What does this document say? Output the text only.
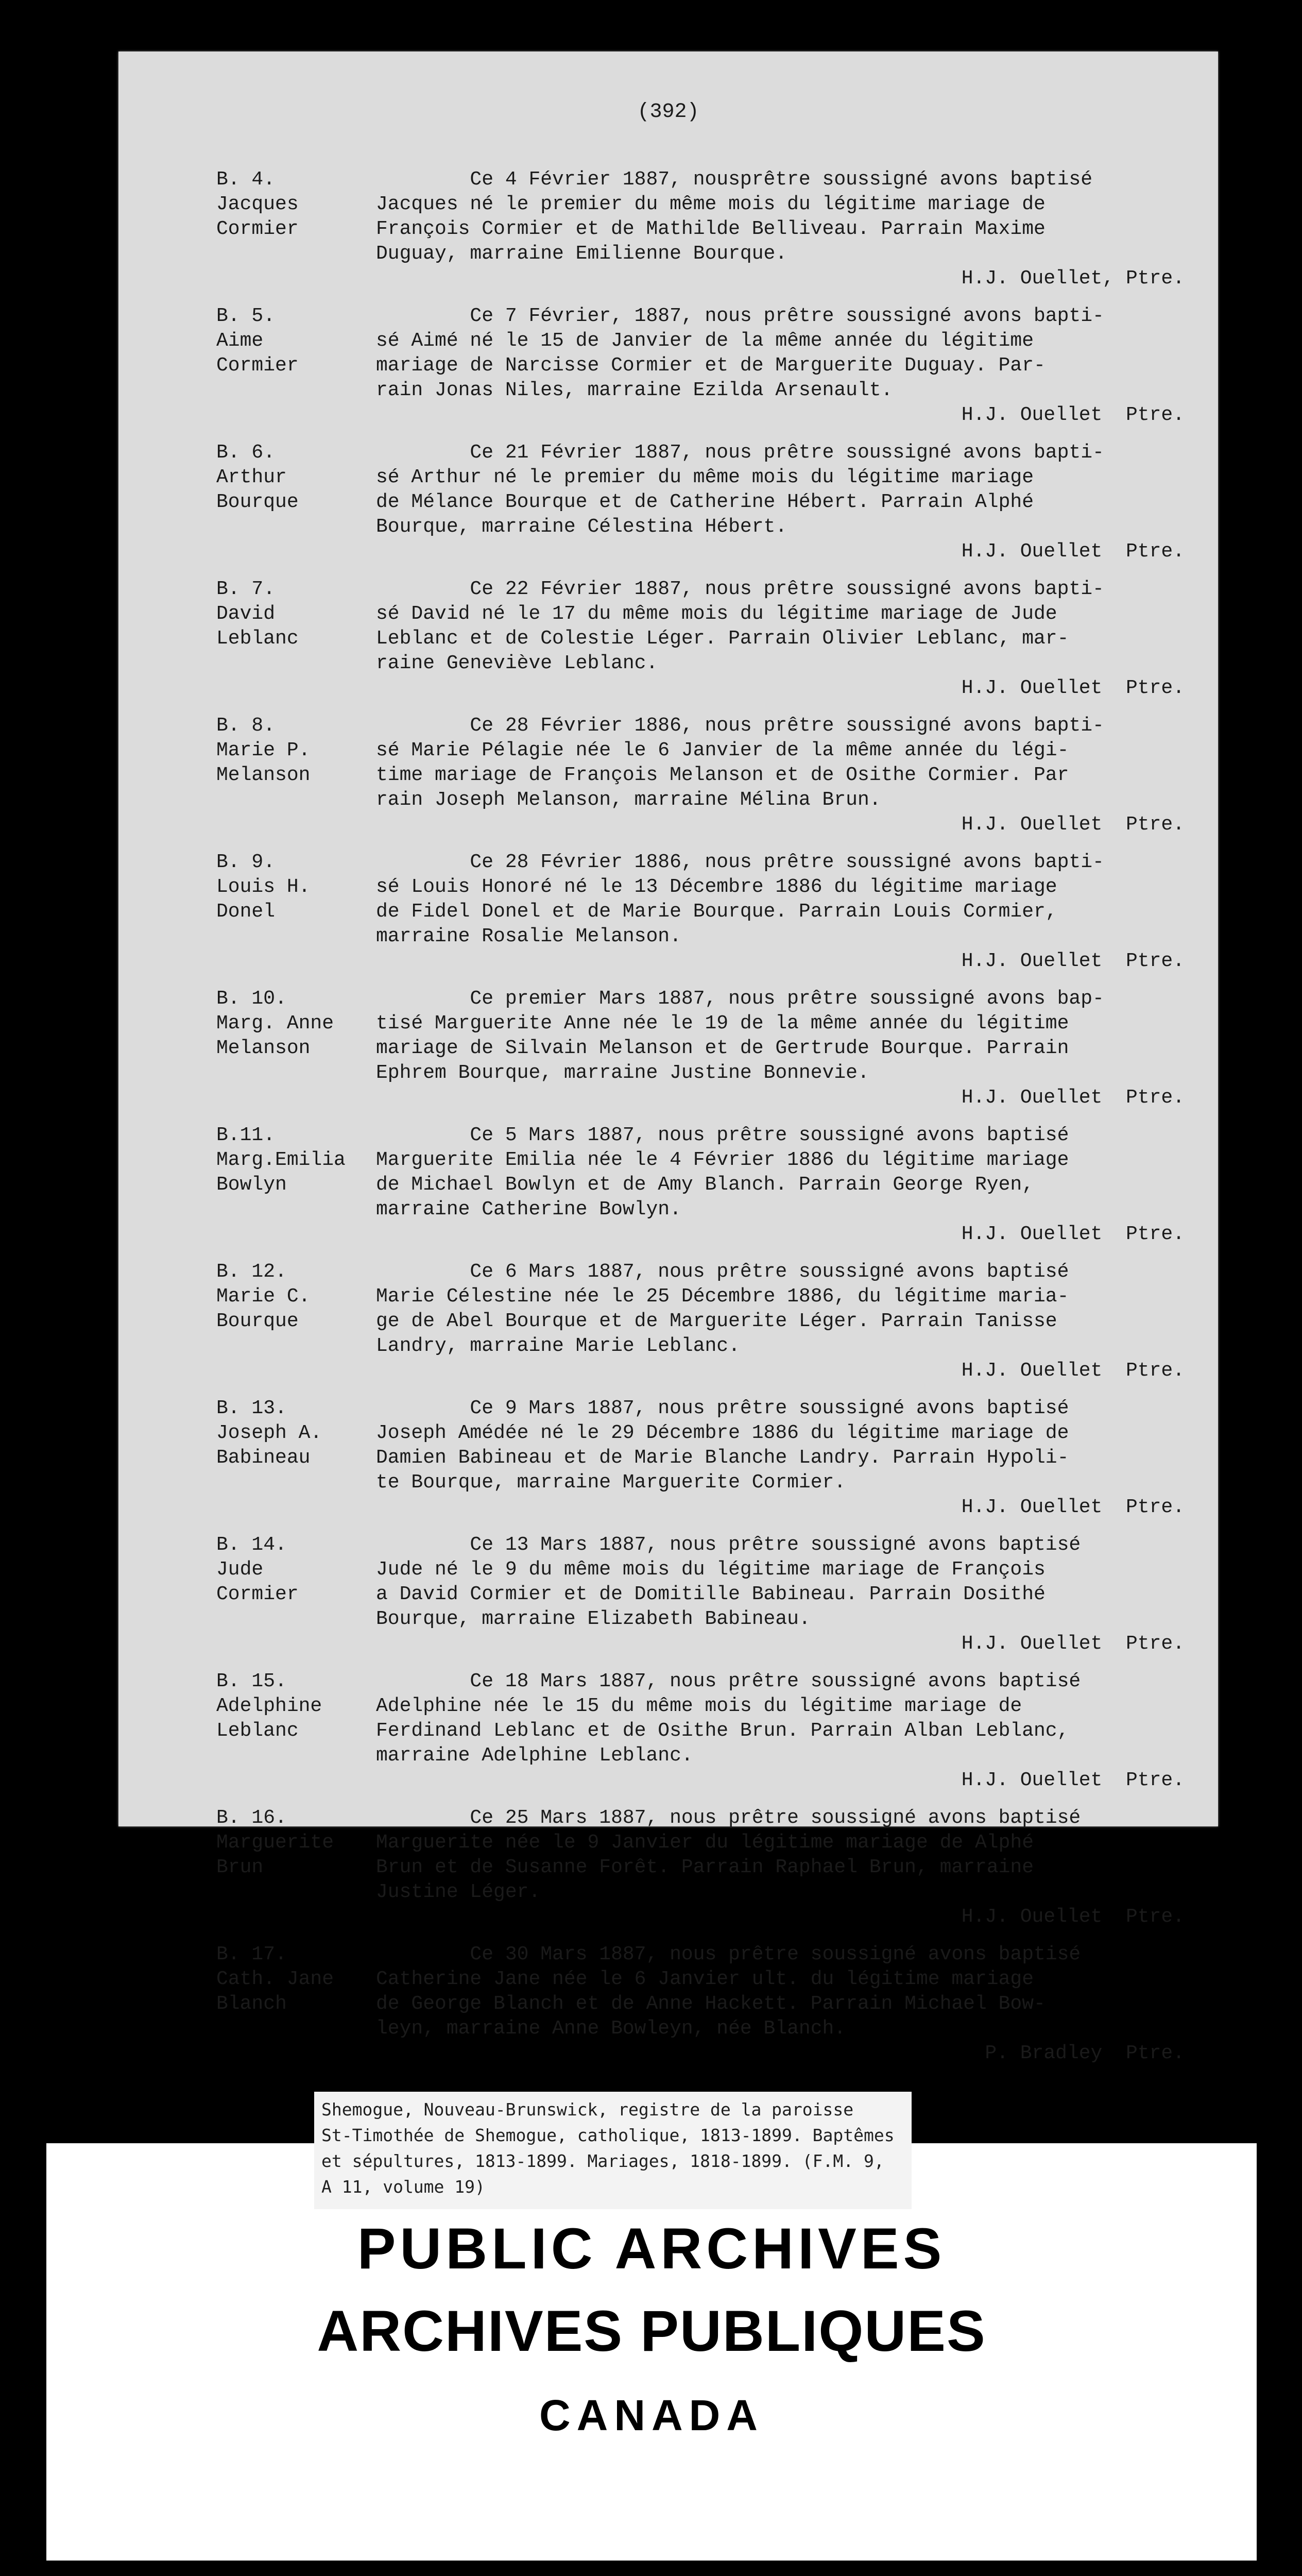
(392)
B. 4.
Jacques
Cormier
Ce 4 Février 1887, nousprêtre soussigné avons baptisé
Jacques né le premier du même mois du légitime mariage de
François Cormier et de Mathilde Belliveau. Parrain Maxime
Duguay, marraine Emilienne Bourque.
H.J. Ouellet, Ptre.
B. 5.
Aime
Cormier
Ce 7 Février, 1887, nous prêtre soussigné avons bapti-
sé Aimé né le 15 de Janvier de la même année du légitime
mariage de Narcisse Cormier et de Marguerite Duguay. Par-
rain Jonas Niles, marraine Ezilda Arsenault.
H.J. Ouellet  Ptre.
B. 6.
Arthur
Bourque
Ce 21 Février 1887, nous prêtre soussigné avons bapti-
sé Arthur né le premier du même mois du légitime mariage
de Mélance Bourque et de Catherine Hébert. Parrain Alphé
Bourque, marraine Célestina Hébert.
H.J. Ouellet  Ptre.
B. 7.
David
Leblanc
Ce 22 Février 1887, nous prêtre soussigné avons bapti-
sé David né le 17 du même mois du légitime mariage de Jude
Leblanc et de Colestie Léger. Parrain Olivier Leblanc, mar-
raine Geneviève Leblanc.
H.J. Ouellet  Ptre.
B. 8.
Marie P.
Melanson
Ce 28 Février 1886, nous prêtre soussigné avons bapti-
sé Marie Pélagie née le 6 Janvier de la même année du légi-
time mariage de François Melanson et de Osithe Cormier. Par
rain Joseph Melanson, marraine Mélina Brun.
H.J. Ouellet  Ptre.
B. 9.
Louis H.
Donel
Ce 28 Février 1886, nous prêtre soussigné avons bapti-
sé Louis Honoré né le 13 Décembre 1886 du légitime mariage
de Fidel Donel et de Marie Bourque. Parrain Louis Cormier,
marraine Rosalie Melanson.
H.J. Ouellet  Ptre.
B. 10.
Marg. Anne
Melanson
Ce premier Mars 1887, nous prêtre soussigné avons bap-
tisé Marguerite Anne née le 19 de la même année du légitime
mariage de Silvain Melanson et de Gertrude Bourque. Parrain
Ephrem Bourque, marraine Justine Bonnevie.
H.J. Ouellet  Ptre.
B.11.
Marg.Emilia
Bowlyn
Ce 5 Mars 1887, nous prêtre soussigné avons baptisé
Marguerite Emilia née le 4 Février 1886 du légitime mariage
de Michael Bowlyn et de Amy Blanch. Parrain George Ryen,
marraine Catherine Bowlyn.
H.J. Ouellet  Ptre.
B. 12.
Marie C.
Bourque
Ce 6 Mars 1887, nous prêtre soussigné avons baptisé
Marie Célestine née le 25 Décembre 1886, du légitime maria-
ge de Abel Bourque et de Marguerite Léger. Parrain Tanisse
Landry, marraine Marie Leblanc.
H.J. Ouellet  Ptre.
B. 13.
Joseph A.
Babineau
Ce 9 Mars 1887, nous prêtre soussigné avons baptisé
Joseph Amédée né le 29 Décembre 1886 du légitime mariage de
Damien Babineau et de Marie Blanche Landry. Parrain Hypoli-
te Bourque, marraine Marguerite Cormier.
H.J. Ouellet  Ptre.
B. 14.
Jude
Cormier
Ce 13 Mars 1887, nous prêtre soussigné avons baptisé
Jude né le 9 du même mois du légitime mariage de François
a David Cormier et de Domitille Babineau. Parrain Dosithé
Bourque, marraine Elizabeth Babineau.
H.J. Ouellet  Ptre.
B. 15.
Adelphine
Leblanc
Ce 18 Mars 1887, nous prêtre soussigné avons baptisé
Adelphine née le 15 du même mois du légitime mariage de
Ferdinand Leblanc et de Osithe Brun. Parrain Alban Leblanc,
marraine Adelphine Leblanc.
H.J. Ouellet  Ptre.
B. 16.
Marguerite
Brun
Ce 25 Mars 1887, nous prêtre soussigné avons baptisé
Marguerite née le 9 Janvier du légitime mariage de Alphé
Brun et de Susanne Forêt. Parrain Raphael Brun, marraine
Justine Léger.
H.J. Ouellet  Ptre.
B. 17.
Cath. Jane
Blanch
Ce 30 Mars 1887, nous prêtre soussigné avons baptisé
Catherine Jane née le 6 Janvier ult. du légitime mariage
de George Blanch et de Anne Hackett. Parrain Michael Bow-
leyn, marraine Anne Bowleyn, née Blanch.
P. Bradley  Ptre.
PUBLIC ARCHIVES
ARCHIVES PUBLIQUES
CANADA
Shemogue, Nouveau-Brunswick, registre de la paroisse
St-Timothée de Shemogue, catholique, 1813-1899. Baptêmes
et sépultures, 1813-1899. Mariages, 1818-1899. (F.M. 9,
A 11, volume 19)
